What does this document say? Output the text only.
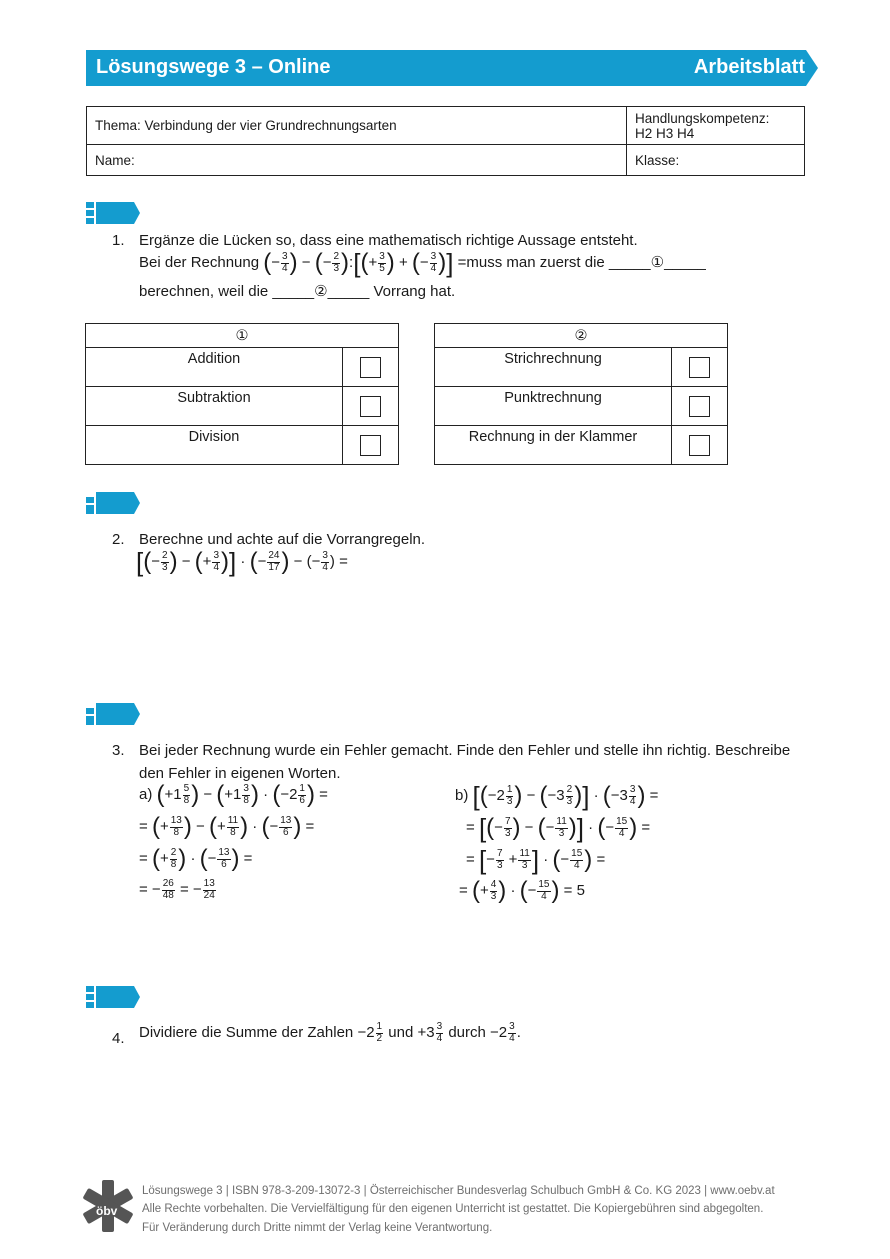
Lösungswege 3 – Online	Arbeitsblatt
Thema: Verbindung der vier Grundrechnungsarten	Handlungskompetenz:
H2 H3 H4
Name:	Klasse:
1. Ergänze die Lücken so, dass eine mathematisch richtige Aussage entsteht.
Bei der Rechnung (− $\frac{3}{4}$ ) − (− $\frac{2}{3}$ ):[(+ $\frac{3}{5}$ ) + (− $\frac{3}{4}$ )] =muss man zuerst die _____①_____
berechnen, weil die _____②_____ Vorrang hat.
①	
Addition	
Subtraktion	
Division	
②	
Strichrechnung	
Punktrechnung	
Rechnung in der Klammer	
2. Berechne und achte auf die Vorrangregeln.
[(− $\frac{2}{3}$ ) − (+ $\frac{3}{4}$ )] · (− $\frac{24}{17}$ ) − (− $\frac{3}{4}$ ) =
3. Bei jeder Rechnung wurde ein Fehler gemacht. Finde den Fehler und stelle ihn richtig. Beschreibe
den Fehler in eigenen Worten.
a) ($+1 \frac{5}{8}$ ) − ($+1 \frac{3}{8}$ ) · ($-2 \frac{1}{6}$ ) =
= (+ $\frac{13}{8}$ ) − (+ $\frac{11}{8}$ ) · (− $\frac{13}{6}$ ) =
= (+ $\frac{2}{8}$ ) · (− $\frac{13}{6}$ ) =
= − $\frac{26}{48}$ = − $\frac{13}{24}$
b) [($-2 \frac{1}{3}$ ) − ($-3 \frac{2}{3}$ )] · ($-3 \frac{3}{4}$ ) =
= [(− $\frac{7}{3}$ ) − (− $\frac{11}{3}$ )] · (− $\frac{15}{4}$ ) =
= [− $\frac{7}{3} + \frac{11}{3}$ ] · (− $\frac{15}{4}$ ) =
= (+ $\frac{4}{3}$ ) · (− $\frac{15}{4}$ ) = 5
4. Dividiere die Summe der Zahlen $-2 \frac{1}{2}$ und $+3 \frac{3}{4}$ durch $-2 \frac{3}{4}$ .
öbv
Lösungswege 3 | ISBN 978-3-209-13072-3 | Österreichischer Bundesverlag Schulbuch GmbH & Co. KG 2023 | www.oebv.at
Alle Rechte vorbehalten. Die Vervielfältigung für den eigenen Unterricht ist gestattet. Die Kopiergebühren sind abgegolten.
Für Veränderung durch Dritte nimmt der Verlag keine Verantwortung.
